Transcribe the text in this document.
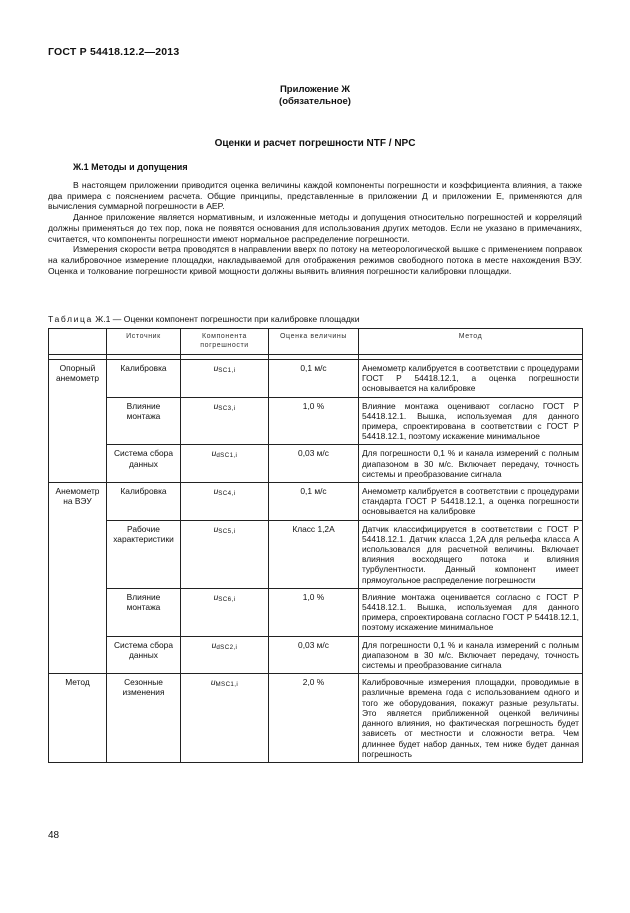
ГОСТ Р 54418.12.2—2013
Приложение Ж
(обязательное)
Оценки и расчет погрешности NTF / NPC
Ж.1 Методы и допущения

В настоящем приложении приводится оценка величины каждой компоненты погрешности и коэффициента влияния, а также два примера с пояснением расчета. Общие принципы, представленные в приложении Д и приложении Е, применяются для вычисления суммарной погрешности в AEP.

Данное приложение является нормативным, и изложенные методы и допущения относительно погрешностей и корреляций должны применяться до тех пор, пока не появятся основания для использования других методов. Если не указано в примечаниях, считается, что компоненты погрешности имеют нормальное распределение погрешности.

Измерения скорости ветра проводятся в направлении вверх по потоку на метеорологической вышке с применением поправок на калибровочное измерение площадки, накладываемой для отображения режимов свободного потока в месте нахождения ВЭУ. Оценка и толкование погрешности кривой мощности должны выявить влияния погрешности калибровки площадки.

Таблица Ж.1 — Оценки компонент погрешности при калибровке площадки
	Источник	Компонента погрешности	Оценка величины	Метод

Опорный анемометр	Калибровка	$u_{SC1,i}$	0,1 м/с	Анемометр калибруется в соответствии с процедурами ГОСТ Р 54418.12.1, а оценка погрешности основывается на калибровке
	Влияние монтажа	$u_{SC3,i}$	1,0 %	Влияние монтажа оценивают согласно ГОСТ Р 54418.12.1. Вышка, используемая для данного примера, спроектирована в соответствии с ГОСТ Р 54418.12.1, поэтому искажение минимальное
	Система сбора данных	$u_{dSC1,i}$	0,03 м/с	Для погрешности 0,1 % и канала измерений с полным диапазоном в 30 м/с. Включает передачу, точность системы и преобразование сигнала
Анемометр на ВЭУ	Калибровка	$u_{SC4,i}$	0,1 м/с	Анемометр калибруется в соответствии с процедурами стандарта ГОСТ Р 54418.12.1, а оценка погрешности основывается на калибровке
	Рабочие характеристики	$u_{SC5,i}$	Класс 1,2A	Датчик классифицируется в соответствии с ГОСТ Р 54418.12.1. Датчик класса 1,2A для рельефа класса A использовался для расчетной величины. Включает влияния восходящего потока и влияния турбулентности. Данный компонент имеет прямоугольное распределение погрешности
	Влияние монтажа	$u_{SC6,i}$	1,0 %	Влияние монтажа оценивается согласно с ГОСТ Р 54418.12.1. Вышка, используемая для данного примера, спроектирована согласно ГОСТ Р 54418.12.1, поэтому искажение минимальное
	Система сбора данных	$u_{dSC2,i}$	0,03 м/с	Для погрешности 0,1 % и канала измерений с полным диапазоном в 30 м/с. Включает передачу, точность системы и преобразование сигнала
Метод	Сезонные изменения	$u_{MSC1,i}$	2,0 %	Калибровочные измерения площадки, проводимые в различные времена года с использованием одного и того же оборудования, покажут разные результаты. Это является приближенной оценкой величины данного влияния, но фактическая погрешность будет зависеть от местности и сложности ветра. Чем длиннее будет набор данных, тем ниже будет данная погрешность
48
